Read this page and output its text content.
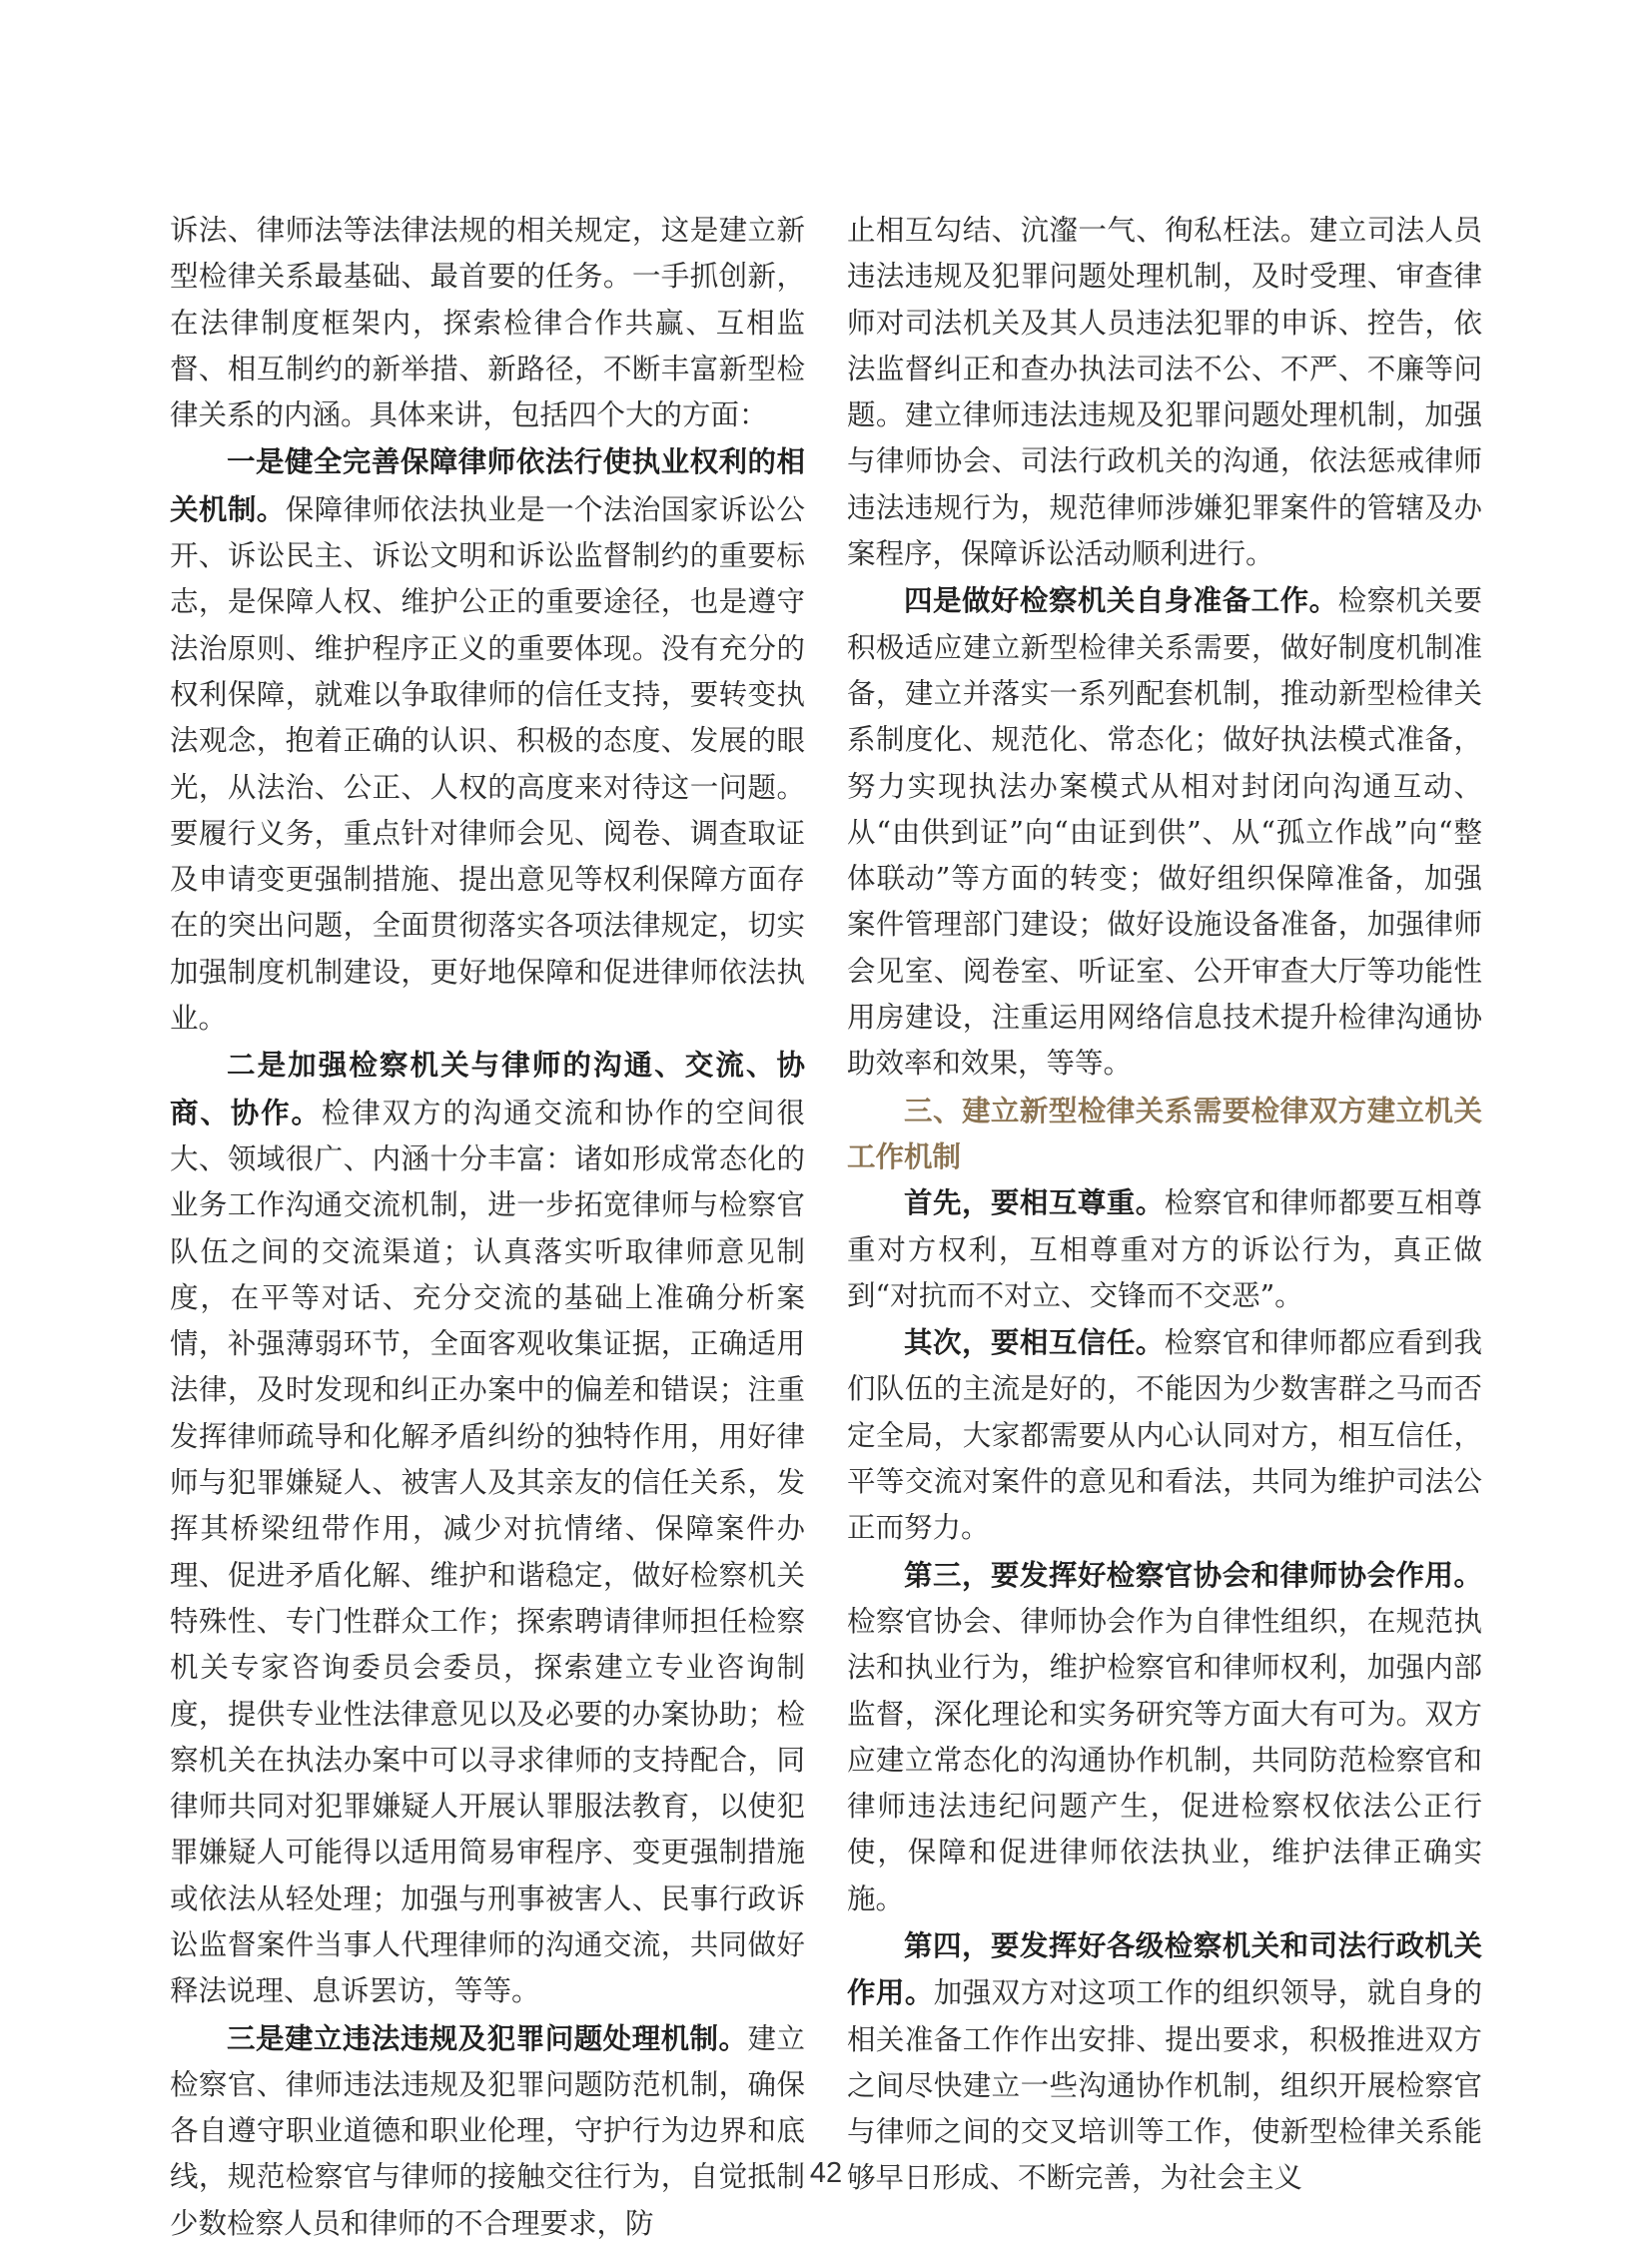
诉法、律师法等法律法规的相关规定，这是建立新型检律关系最基础、最首要的任务。一手抓创新，在法律制度框架内，探索检律合作共赢、互相监督、相互制约的新举措、新路径，不断丰富新型检律关系的内涵。具体来讲，包括四个大的方面：

一是健全完善保障律师依法行使执业权利的相关机制。保障律师依法执业是一个法治国家诉讼公开、诉讼民主、诉讼文明和诉讼监督制约的重要标志，是保障人权、维护公正的重要途径，也是遵守法治原则、维护程序正义的重要体现。没有充分的权利保障，就难以争取律师的信任支持，要转变执法观念，抱着正确的认识、积极的态度、发展的眼光，从法治、公正、人权的高度来对待这一问题。要履行义务，重点针对律师会见、阅卷、调查取证及申请变更强制措施、提出意见等权利保障方面存在的突出问题，全面贯彻落实各项法律规定，切实加强制度机制建设，更好地保障和促进律师依法执业。

二是加强检察机关与律师的沟通、交流、协商、协作。检律双方的沟通交流和协作的空间很大、领域很广、内涵十分丰富：诸如形成常态化的业务工作沟通交流机制，进一步拓宽律师与检察官队伍之间的交流渠道；认真落实听取律师意见制度，在平等对话、充分交流的基础上准确分析案情，补强薄弱环节，全面客观收集证据，正确适用法律，及时发现和纠正办案中的偏差和错误；注重发挥律师疏导和化解矛盾纠纷的独特作用，用好律师与犯罪嫌疑人、被害人及其亲友的信任关系，发挥其桥梁纽带作用，减少对抗情绪、保障案件办理、促进矛盾化解、维护和谐稳定，做好检察机关特殊性、专门性群众工作；探索聘请律师担任检察机关专家咨询委员会委员，探索建立专业咨询制度，提供专业性法律意见以及必要的办案协助；检察机关在执法办案中可以寻求律师的支持配合，同律师共同对犯罪嫌疑人开展认罪服法教育，以使犯罪嫌疑人可能得以适用简易审程序、变更强制措施或依法从轻处理；加强与刑事被害人、民事行政诉讼监督案件当事人代理律师的沟通交流，共同做好释法说理、息诉罢访，等等。

三是建立违法违规及犯罪问题处理机制。建立检察官、律师违法违规及犯罪问题防范机制，确保各自遵守职业道德和职业伦理，守护行为边界和底线，规范检察官与律师的接触交往行为，自觉抵制少数检察人员和律师的不合理要求，防

止相互勾结、沆瀣一气、徇私枉法。建立司法人员违法违规及犯罪问题处理机制，及时受理、审查律师对司法机关及其人员违法犯罪的申诉、控告，依法监督纠正和查办执法司法不公、不严、不廉等问题。建立律师违法违规及犯罪问题处理机制，加强与律师协会、司法行政机关的沟通，依法惩戒律师违法违规行为，规范律师涉嫌犯罪案件的管辖及办案程序，保障诉讼活动顺利进行。

四是做好检察机关自身准备工作。检察机关要积极适应建立新型检律关系需要，做好制度机制准备，建立并落实一系列配套机制，推动新型检律关系制度化、规范化、常态化；做好执法模式准备，努力实现执法办案模式从相对封闭向沟通互动、从“由供到证”向“由证到供”、从“孤立作战”向“整体联动”等方面的转变；做好组织保障准备，加强案件管理部门建设；做好设施设备准备，加强律师会见室、阅卷室、听证室、公开审查大厅等功能性用房建设，注重运用网络信息技术提升检律沟通协助效率和效果，等等。

三、建立新型检律关系需要检律双方建立机关工作机制

首先，要相互尊重。检察官和律师都要互相尊重对方权利，互相尊重对方的诉讼行为，真正做到“对抗而不对立、交锋而不交恶”。

其次，要相互信任。检察官和律师都应看到我们队伍的主流是好的，不能因为少数害群之马而否定全局，大家都需要从内心认同对方，相互信任，平等交流对案件的意见和看法，共同为维护司法公正而努力。

第三，要发挥好检察官协会和律师协会作用。检察官协会、律师协会作为自律性组织，在规范执法和执业行为，维护检察官和律师权利，加强内部监督，深化理论和实务研究等方面大有可为。双方应建立常态化的沟通协作机制，共同防范检察官和律师违法违纪问题产生，促进检察权依法公正行使，保障和促进律师依法执业，维护法律正确实施。

第四，要发挥好各级检察机关和司法行政机关作用。加强双方对这项工作的组织领导，就自身的相关准备工作作出安排、提出要求，积极推进双方之间尽快建立一些沟通协作机制，组织开展检察官与律师之间的交叉培训等工作，使新型检律关系能够早日形成、不断完善，为社会主义

42
